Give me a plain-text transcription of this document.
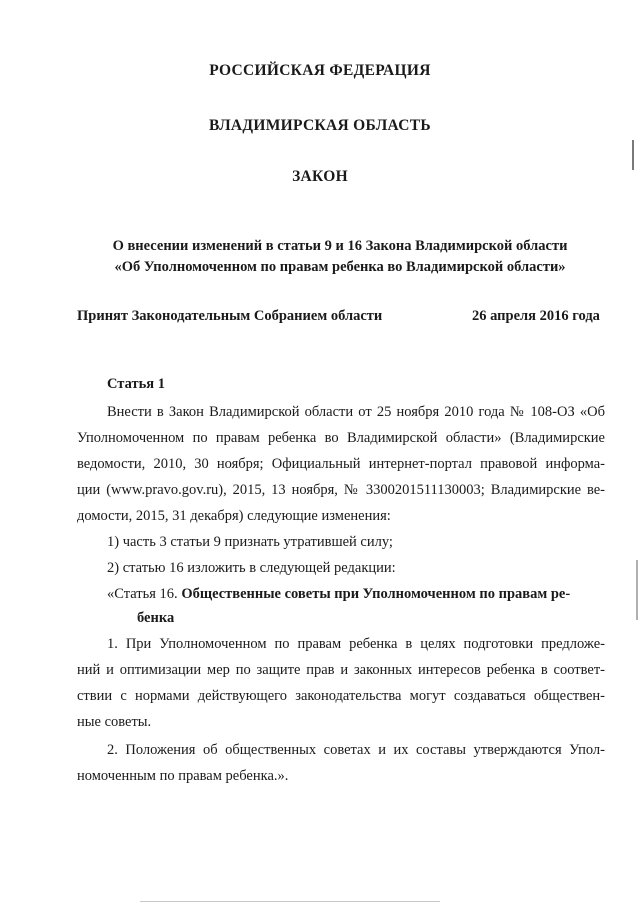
РОССИЙСКАЯ ФЕДЕРАЦИЯ
ВЛАДИМИРСКАЯ ОБЛАСТЬ
ЗАКОН
О внесении изменений в статьи 9 и 16 Закона Владимирской области
«Об Уполномоченном по правам ребенка во Владимирской области»
Принят Законодательным Собранием области	26 апреля 2016 года
Статья 1
Внести в Закон Владимирской области от 25 ноября 2010 года № 108-ОЗ «Об
Уполномоченном по правам ребенка во Владимирской области» (Владимирские
ведомости, 2010, 30 ноября; Официальный интернет-портал правовой информа-
ции (www.pravo.gov.ru), 2015, 13 ноября, № 3300201511130003; Владимирские ве-
домости, 2015, 31 декабря) следующие изменения:
1) часть 3 статьи 9 признать утратившей силу;
2) статью 16 изложить в следующей редакции:
«Статья 16. Общественные советы при Уполномоченном по правам ре-
бенка
1. При Уполномоченном по правам ребенка в целях подготовки предложе-
ний и оптимизации мер по защите прав и законных интересов ребенка в соответ-
ствии с нормами действующего законодательства могут создаваться обществен-
ные советы.
2. Положения об общественных советах и их составы утверждаются Упол-
номоченным по правам ребенка.».
